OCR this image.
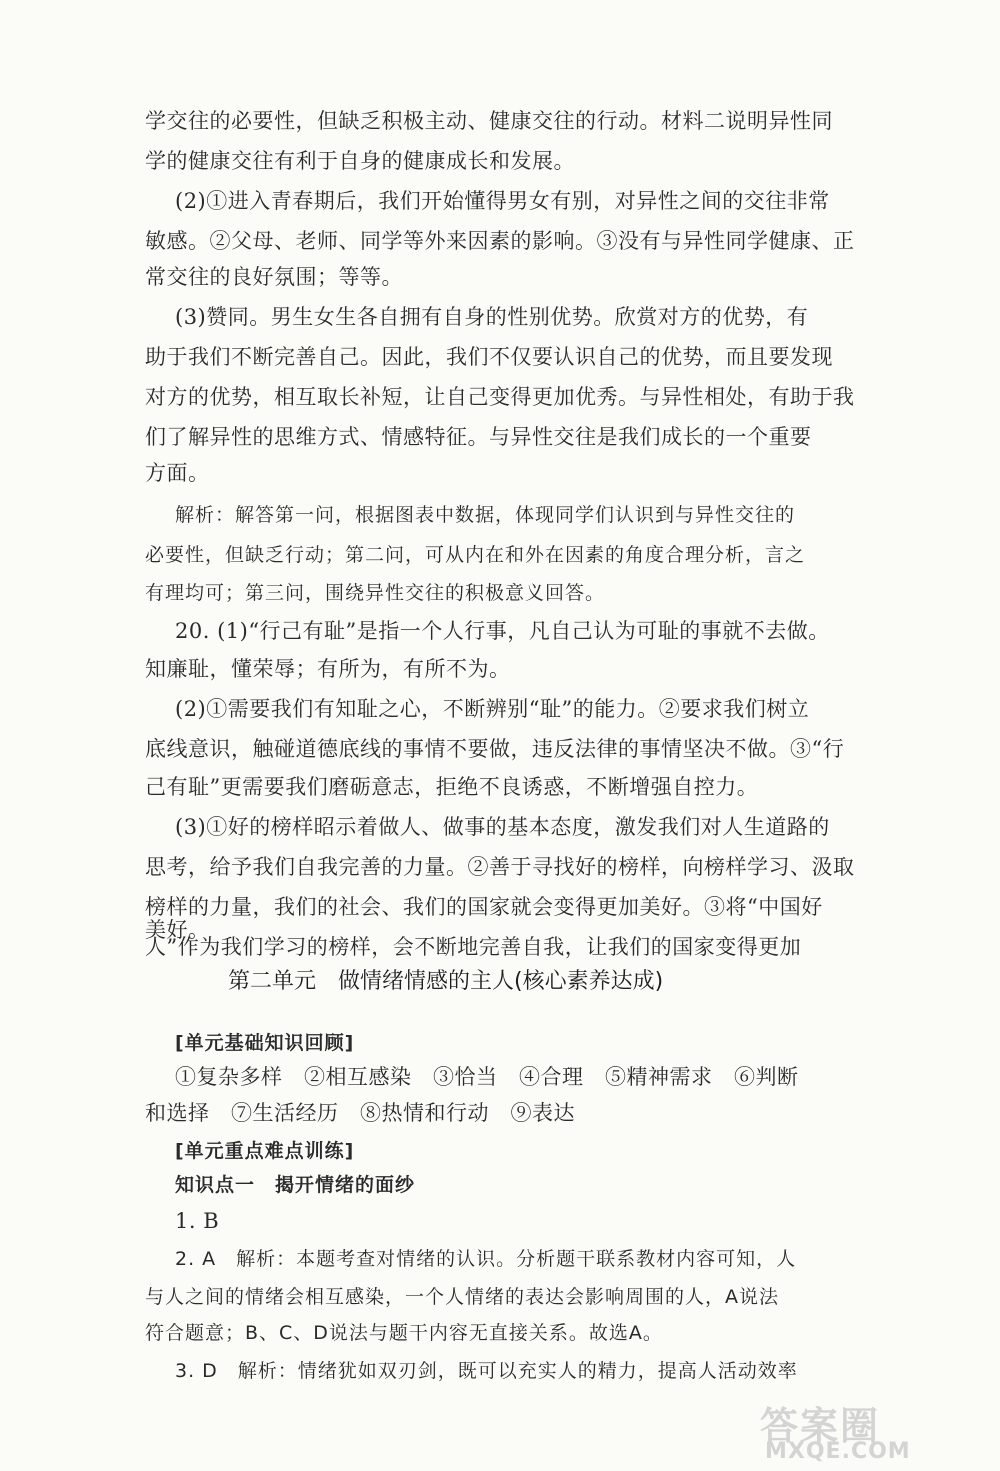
学交往的必要性，但缺乏积极主动、健康交往的行动。材料二说明异性同
学的健康交往有利于自身的健康成长和发展。
(2)①进入青春期后，我们开始懂得男女有别，对异性之间的交往非常
敏感。②父母、老师、同学等外来因素的影响。③没有与异性同学健康、正
常交往的良好氛围；等等。
(3)赞同。男生女生各自拥有自身的性别优势。欣赏对方的优势，有
助于我们不断完善自己。因此，我们不仅要认识自己的优势，而且要发现
对方的优势，相互取长补短，让自己变得更加优秀。与异性相处，有助于我
们了解异性的思维方式、情感特征。与异性交往是我们成长的一个重要
方面。
解析：解答第一问，根据图表中数据，体现同学们认识到与异性交往的
必要性，但缺乏行动；第二问，可从内在和外在因素的角度合理分析，言之
有理均可；第三问，围绕异性交往的积极意义回答。
20. (1)“行己有耻”是指一个人行事，凡自己认为可耻的事就不去做。
知廉耻，懂荣辱；有所为，有所不为。
(2)①需要我们有知耻之心，不断辨别“耻”的能力。②要求我们树立
底线意识，触碰道德底线的事情不要做，违反法律的事情坚决不做。③“行
己有耻”更需要我们磨砺意志，拒绝不良诱惑，不断增强自控力。
(3)①好的榜样昭示着做人、做事的基本态度，激发我们对人生道路的
思考，给予我们自我完善的力量。②善于寻找好的榜样，向榜样学习、汲取
榜样的力量，我们的社会、我们的国家就会变得更加美好。③将“中国好
人”作为我们学习的榜样，会不断地完善自我，让我们的国家变得更加
美好。
第二单元　做情绪情感的主人(核心素养达成)
[单元基础知识回顾]
①复杂多样　②相互感染　③恰当　④合理　⑤精神需求　⑥判断
和选择　⑦生活经历　⑧热情和行动　⑨表达
[单元重点难点训练]
知识点一　揭开情绪的面纱
1. B
2. A　解析：本题考查对情绪的认识。分析题干联系教材内容可知，人
与人之间的情绪会相互感染，一个人情绪的表达会影响周围的人，A说法
符合题意；B、C、D说法与题干内容无直接关系。故选A。
3. D　解析：情绪犹如双刃剑，既可以充实人的精力，提高人活动效率
答案圈
MXQE.COM
